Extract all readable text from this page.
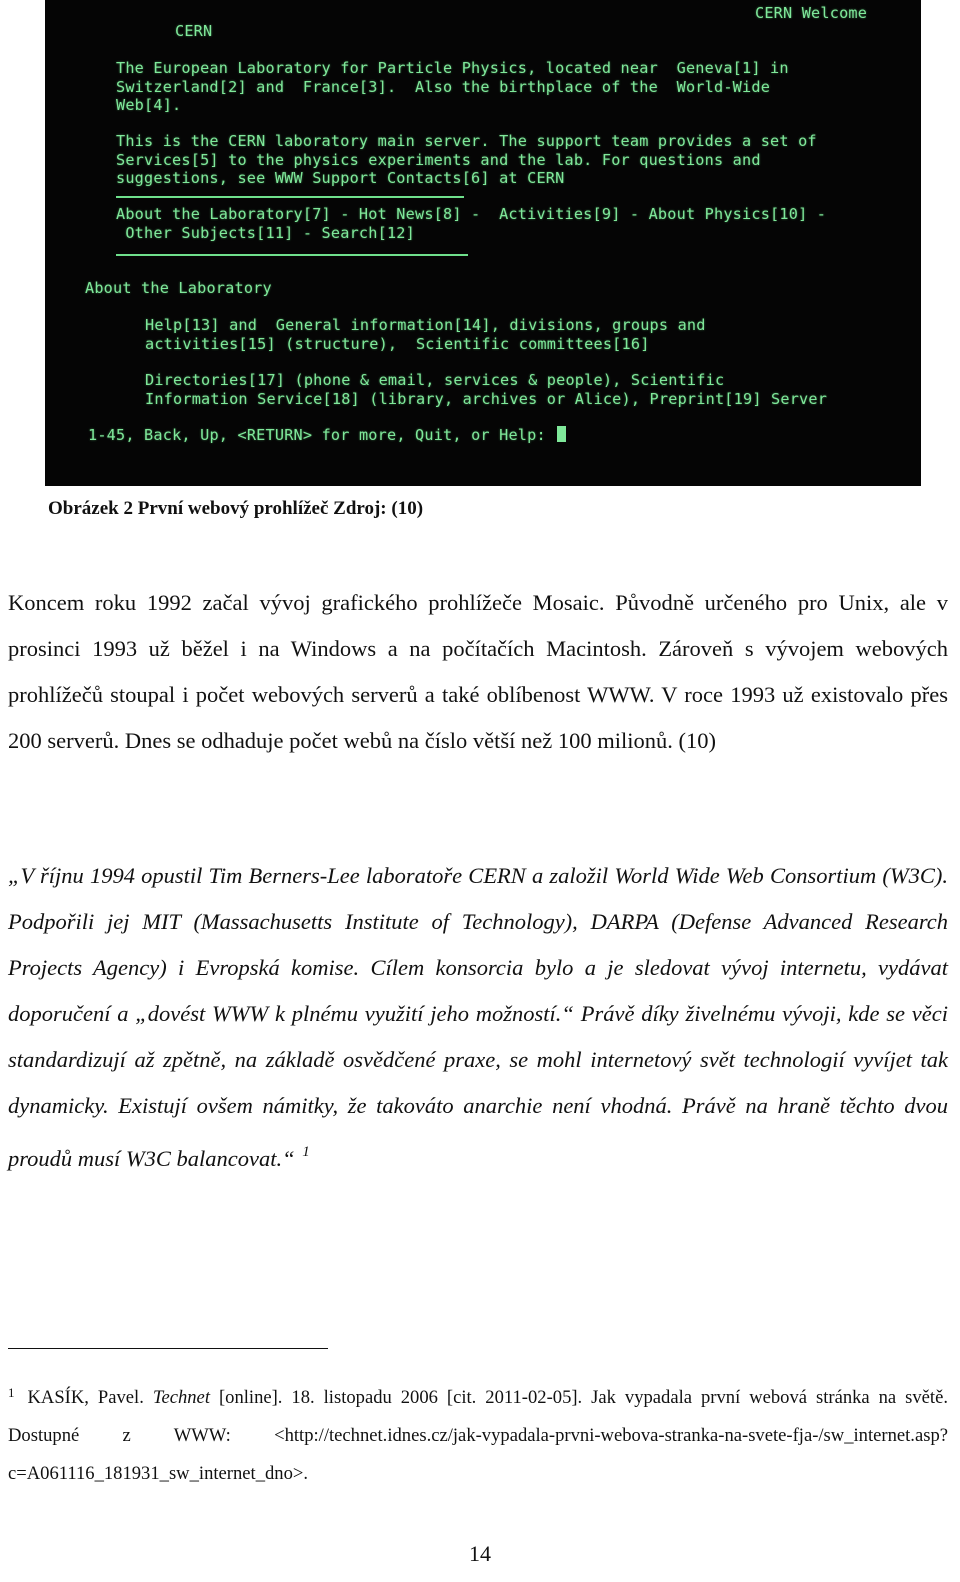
CERN
CERN Welcome
The European Laboratory for Particle Physics, located near  Geneva[1] in
Switzerland[2] and  France[3].  Also the birthplace of the  World-Wide
Web[4].
This is the CERN laboratory main server. The support team provides a set of
Services[5] to the physics experiments and the lab. For questions and
suggestions, see WWW Support Contacts[6] at CERN
About the Laboratory[7] - Hot News[8] -  Activities[9] - About Physics[10] -
Other Subjects[11] - Search[12]
About the Laboratory
Help[13] and  General information[14], divisions, groups and
activities[15] (structure),  Scientific committees[16]
Directories[17] (phone & email, services & people), Scientific
Information Service[18] (library, archives or Alice), Preprint[19] Server
1-45, Back, Up, <RETURN> for more, Quit, or Help:
Obrázek 2 První webový prohlížeč Zdroj: (10)

Koncem roku 1992 začal vývoj grafického prohlížeče Mosaic. Původně určeného pro Unix, ale v prosinci 1993 už běžel i na Windows a na počítačích Macintosh. Zároveň s vývojem webových prohlížečů stoupal i počet webových serverů a také oblíbenost WWW. V roce 1993 už existovalo přes 200 serverů. Dnes se odhaduje počet webů na číslo větší než 100 milionů. (10)

„V říjnu 1994 opustil Tim Berners-Lee laboratoře CERN a založil World Wide Web Consortium (W3C). Podpořili jej MIT (Massachusetts Institute of Technology), DARPA (Defense Advanced Research Projects Agency) i Evropská komise. Cílem konsorcia bylo a je sledovat vývoj internetu, vydávat doporučení a „dovést WWW k plnému využití jeho možností.“ Právě díky živelnému vývoji, kde se věci standardizují až zpětně, na základě osvědčené praxe, se mohl internetový svět technologií vyvíjet tak dynamicky. Existují ovšem námitky, že takováto anarchie není vhodná. Právě na hraně těchto dvou proudů musí W3C balancovat.“ $^1$

$^1$ KASÍK, Pavel. Technet [online]. 18. listopadu 2006 [cit. 2011-02-05]. Jak vypadala první webová stránka na světě. Dostupné z WWW: <http://technet.idnes.cz/jak-vypadala-prvni-webova-stranka-na-svete-fja-/sw_internet.asp?c=A061116_181931_sw_internet_dno>.

14
